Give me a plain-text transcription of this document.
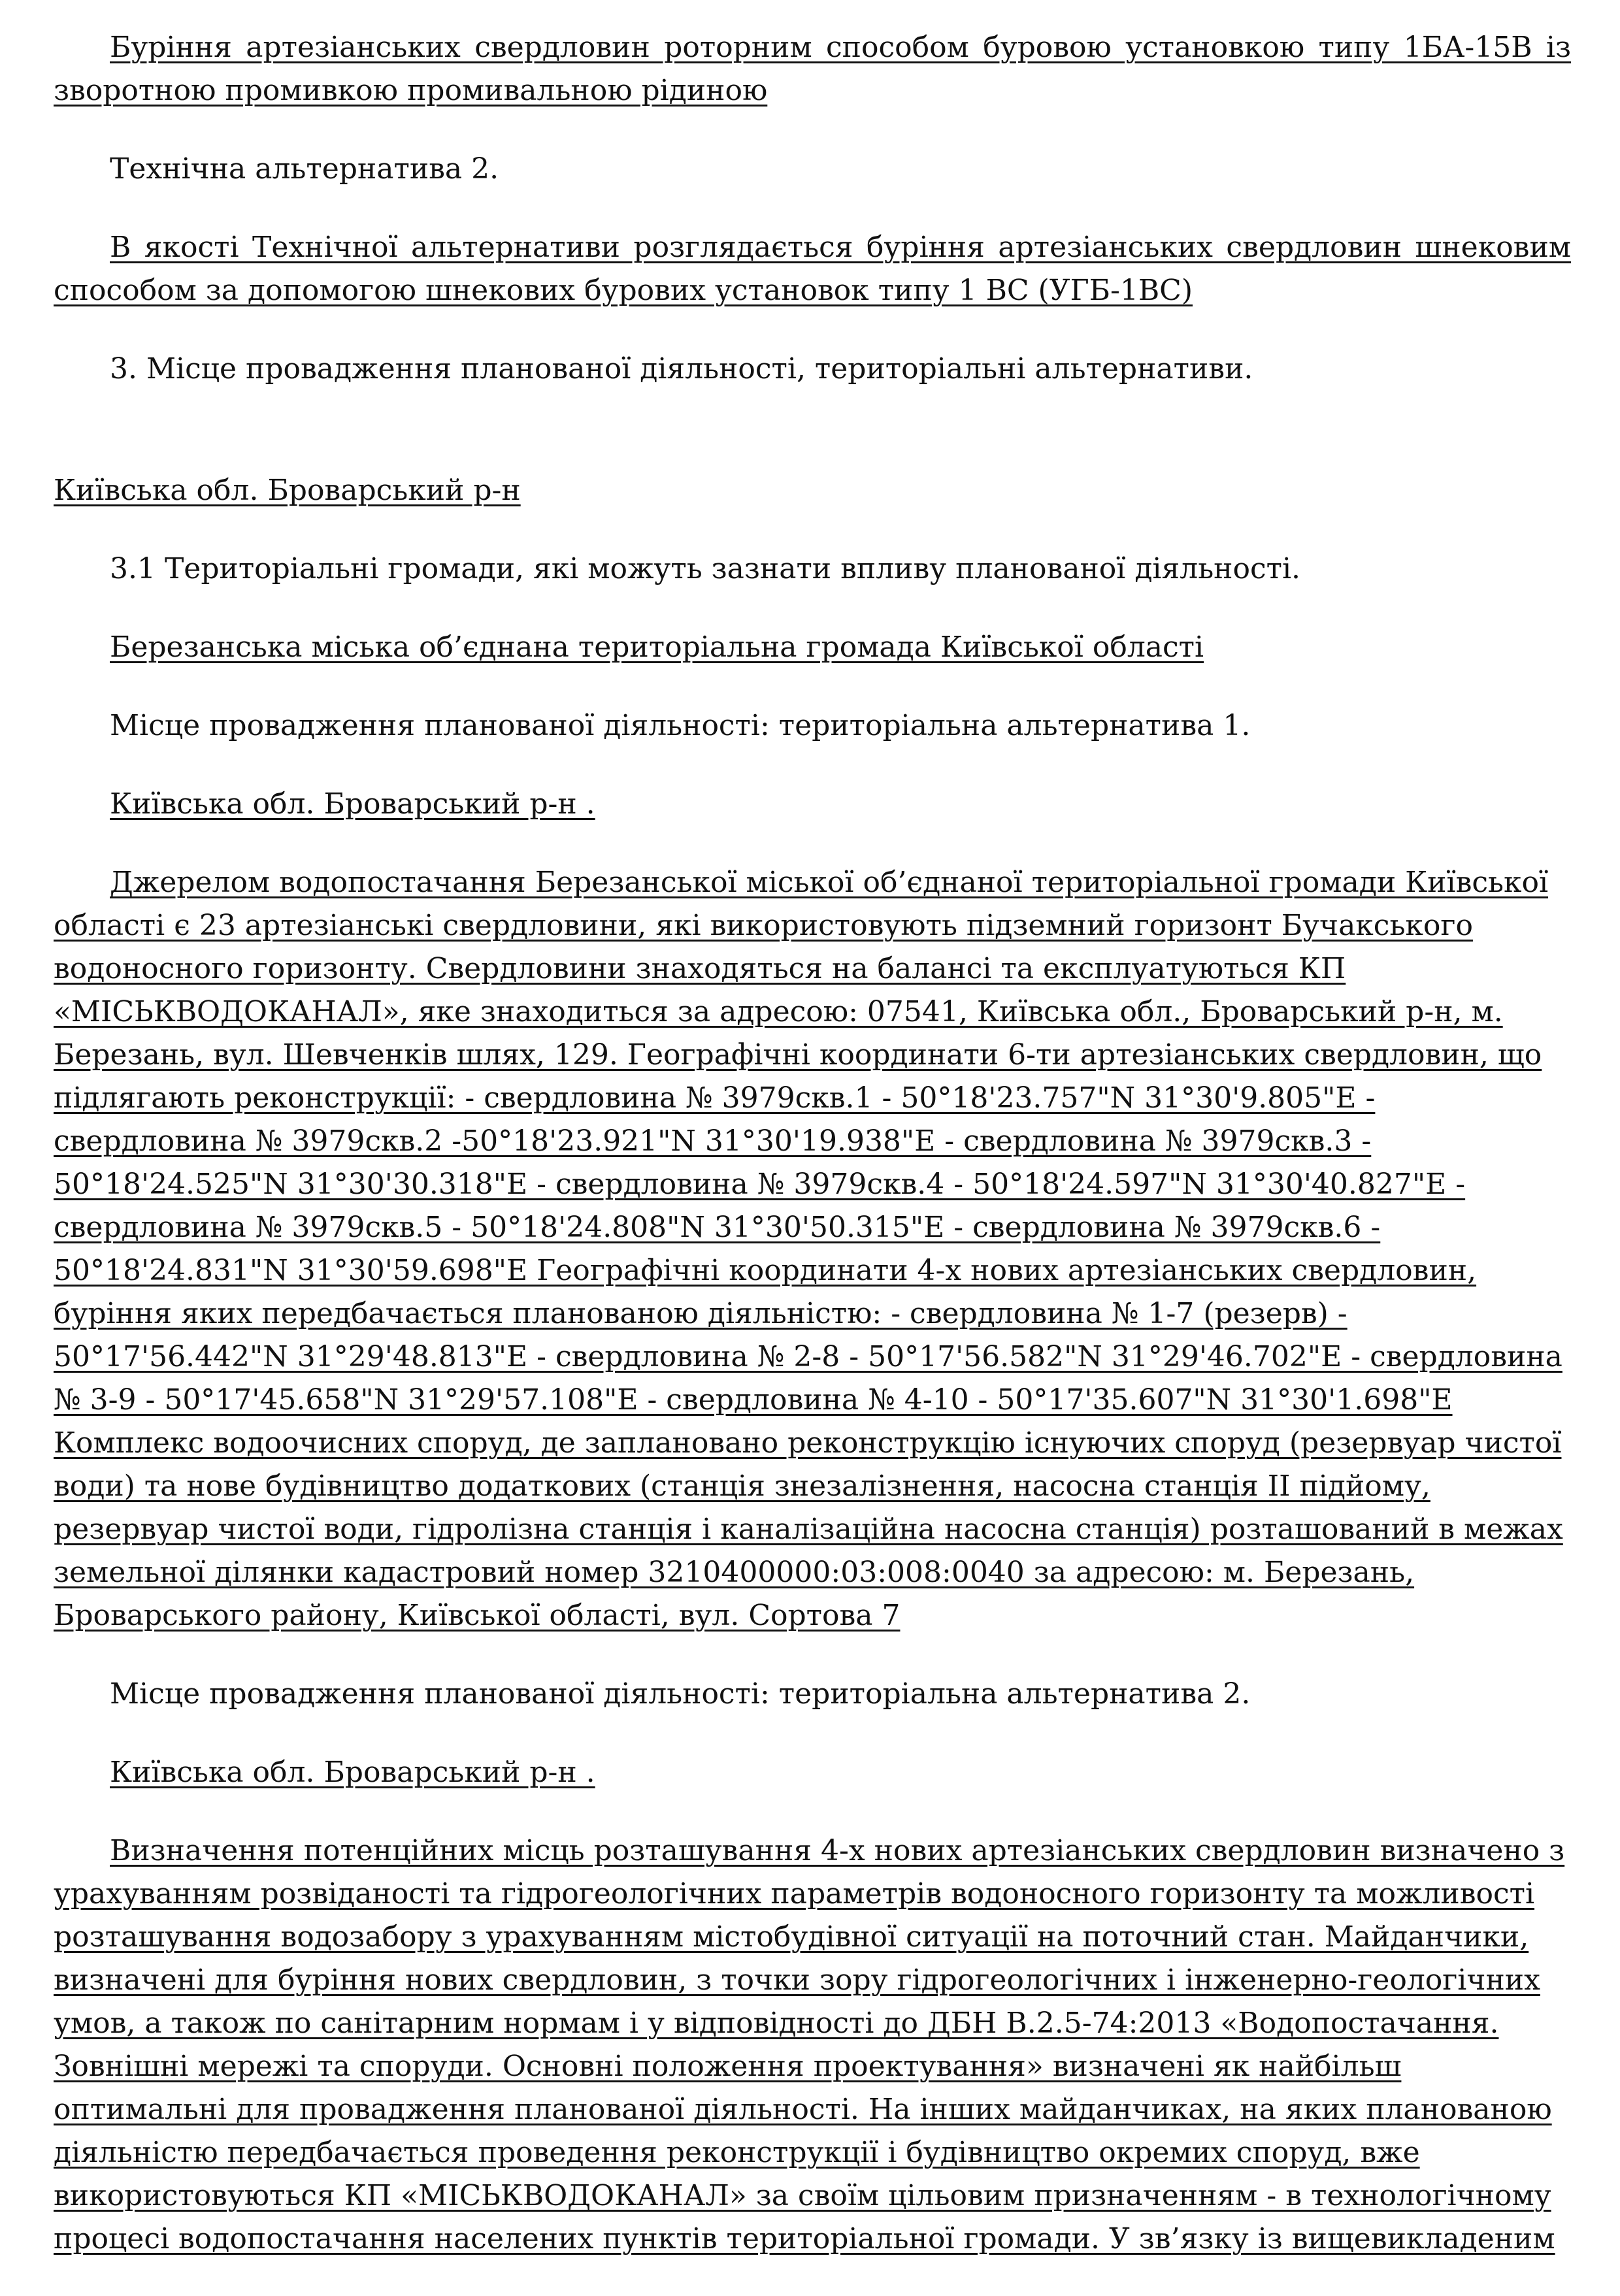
Буріння артезіанських свердловин роторним способом буровою установкою типу 1БА-15В із зворотною промивкою промивальною рідиною

Технічна альтернатива 2.

В якості Технічної альтернативи розглядається буріння артезіанських свердловин шнековим способом за допомогою шнекових бурових установок типу 1 ВС (УГБ-1ВС)

3. Місце провадження планованої діяльності, територіальні альтернативи.

Київська обл. Броварський р-н

3.1 Територіальні громади, які можуть зазнати впливу планованої діяльності.

Березанська міська об’єднана територіальна громада Київської області

Місце провадження планованої діяльності: територіальна альтернатива 1.

Київська обл. Броварський р-н .

Джерелом водопостачання Березанської міської об’єднаної територіальної громади Київської області є 23 артезіанські свердловини, які використовують підземний горизонт Бучакського водоносного горизонту. Свердловини знаходяться на балансі та експлуатуються КП «МІСЬКВОДОКАНАЛ», яке знаходиться за адресою: 07541, Київська обл., Броварський р-н, м. Березань, вул. Шевченків шлях, 129. Географічні координати 6-ти артезіанських свердловин, що підлягають реконструкції: - свердловина № 3979скв.1 - 50°18'23.757"N 31°30'9.805"E - свердловина № 3979скв.2 -50°18'23.921"N 31°30'19.938"E - свердловина № 3979скв.3 - 50°18'24.525"N 31°30'30.318"E - свердловина № 3979скв.4 - 50°18'24.597"N 31°30'40.827"E - свердловина № 3979скв.5 - 50°18'24.808"N 31°30'50.315"E - свердловина № 3979скв.6 - 50°18'24.831"N 31°30'59.698"E Географічні координати 4-х нових артезіанських свердловин, буріння яких передбачається планованою діяльністю: - свердловина № 1-7 (резерв) - 50°17'56.442"N 31°29'48.813"E - свердловина № 2-8 - 50°17'56.582"N 31°29'46.702"E - свердловина № 3-9 - 50°17'45.658"N 31°29'57.108"E - свердловина № 4-10 - 50°17'35.607"N 31°30'1.698"E Комплекс водоочисних споруд, де заплановано реконструкцію існуючих споруд (резервуар чистої води) та нове будівництво додаткових (станція знезалізнення, насосна станція ІІ підйому, резервуар чистої води, гідролізна станція і каналізаційна насосна станція) розташований в межах земельної ділянки кадастровий номер 3210400000:03:008:0040 за адресою: м. Березань, Броварського району, Київської області, вул. Сортова 7

Місце провадження планованої діяльності: територіальна альтернатива 2.

Київська обл. Броварський р-н .

Визначення потенційних місць розташування 4-х нових артезіанських свердловин визначено з урахуванням розвіданості та гідрогеологічних параметрів водоносного горизонту та можливості розташування водозабору з урахуванням містобудівної ситуації на поточний стан. Майданчики, визначені для буріння нових свердловин, з точки зору гідрогеологічних і інженерно-геологічних умов, а також по санітарним нормам і у відповідності до ДБН В.2.5-74:2013 «Водопостачання. Зовнішні мережі та споруди. Основні положення проектування» визначені як найбільш оптимальні для провадження планованої діяльності. На інших майданчиках, на яких планованою діяльністю передбачається проведення реконструкції і будівництво окремих споруд, вже використовуються КП «МІСЬКВОДОКАНАЛ» за своїм цільовим призначенням - в технологічному процесі водопостачання населених пунктів територіальної громади. У зв’язку із вищевикладеним
